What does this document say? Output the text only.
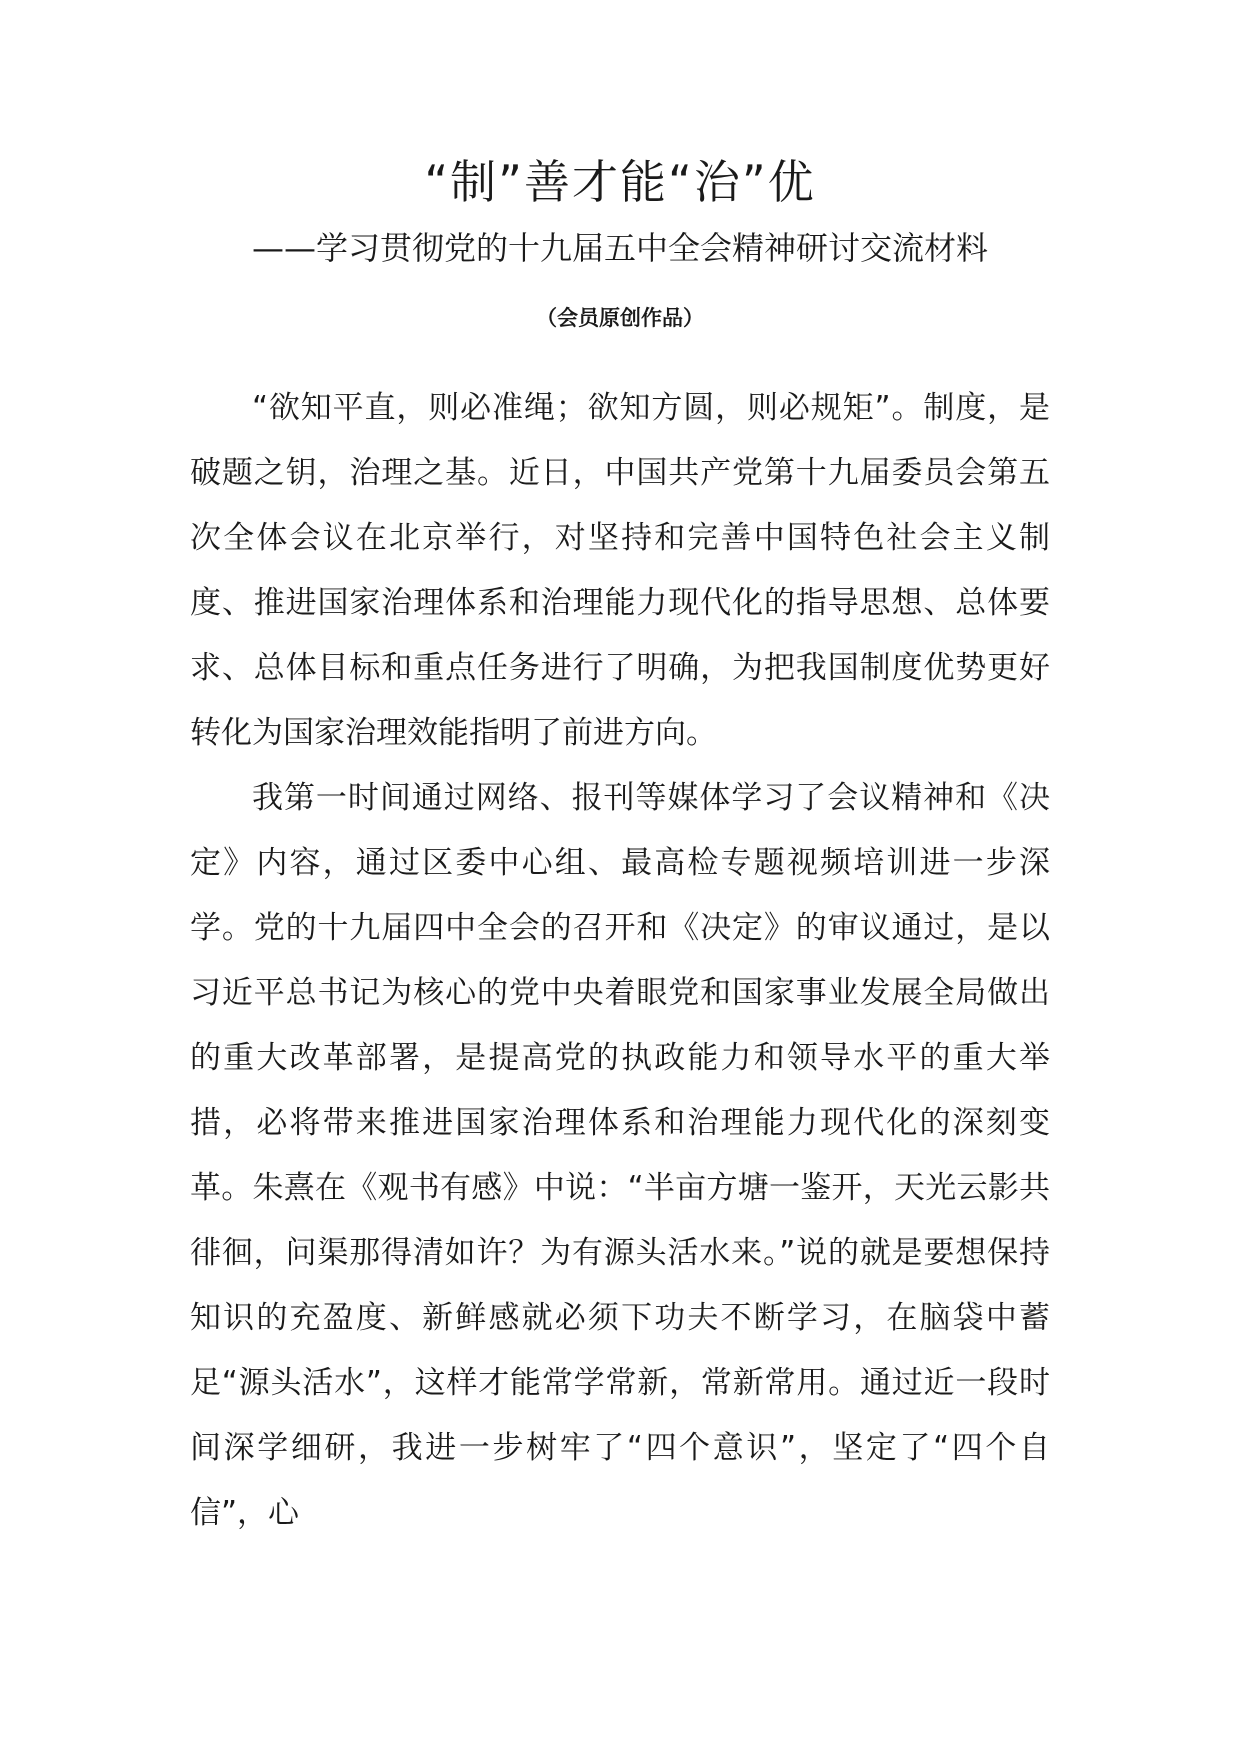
“制”善才能“治”优
——学习贯彻党的十九届五中全会精神研讨交流材料

（会员原创作品）

“欲知平直，则必准绳；欲知方圆，则必规矩”。制度，是破题之钥，治理之基。近日，中国共产党第十九届委员会第五次全体会议在北京举行，对坚持和完善中国特色社会主义制度、推进国家治理体系和治理能力现代化的指导思想、总体要求、总体目标和重点任务进行了明确，为把我国制度优势更好转化为国家治理效能指明了前进方向。

我第一时间通过网络、报刊等媒体学习了会议精神和《决定》内容，通过区委中心组、最高检专题视频培训进一步深学。党的十九届四中全会的召开和《决定》的审议通过，是以习近平总书记为核心的党中央着眼党和国家事业发展全局做出的重大改革部署，是提高党的执政能力和领导水平的重大举措，必将带来推进国家治理体系和治理能力现代化的深刻变革。朱熹在《观书有感》中说：“半亩方塘一鉴开，天光云影共徘徊，问渠那得清如许？为有源头活水来。”说的就是要想保持知识的充盈度、新鲜感就必须下功夫不断学习，在脑袋中蓄足“源头活水”，这样才能常学常新，常新常用。通过近一段时间深学细研，我进一步树牢了“四个意识”，坚定了“四个自信”，心
